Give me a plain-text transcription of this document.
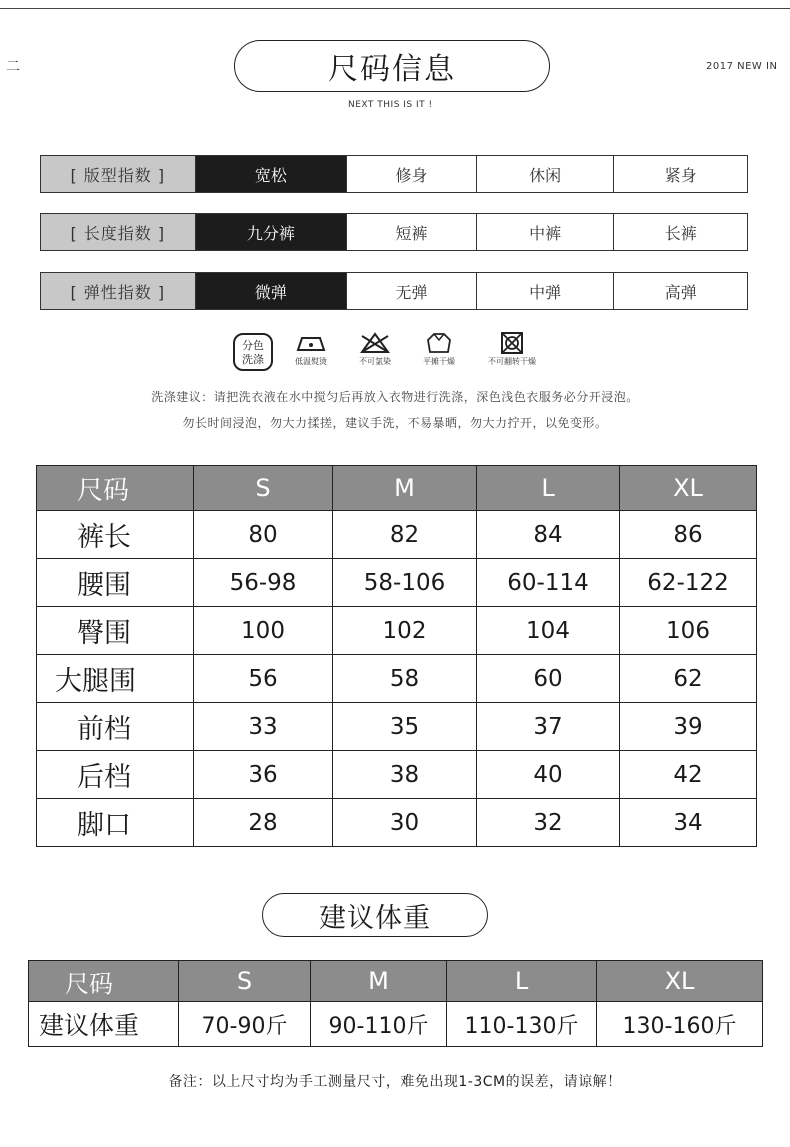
二	尺码信息	2017 NEW IN
NEXT THIS IS IT !
[ 版型指数 ]	宽松	修身	休闲	紧身
[ 长度指数 ]	九分裤	短裤	中裤	长裤
[ 弹性指数 ]	微弹	无弹	中弹	高弹
分色
洗涤	低温熨烫	不可氯染	平摊干燥	不可翻转干燥
洗涤建议：请把洗衣液在水中搅匀后再放入衣物进行洗涤，深色浅色衣服务必分开浸泡。
勿长时间浸泡，勿大力揉搓，建议手洗，不易暴晒，勿大力拧开，以免变形。
尺码	S	M	L	XL
裤长	80	82	84	86
腰围	56-98	58-106	60-114	62-122
臀围	100	102	104	106
大腿围	56	58	60	62
前档	33	35	37	39
后档	36	38	40	42
脚口	28	30	32	34
建议体重
尺码	S	M	L	XL
建议体重	70-90斤	90-110斤	110-130斤	130-160斤
备注：以上尺寸均为手工测量尺寸，难免出现1-3CM的误差，请谅解！
